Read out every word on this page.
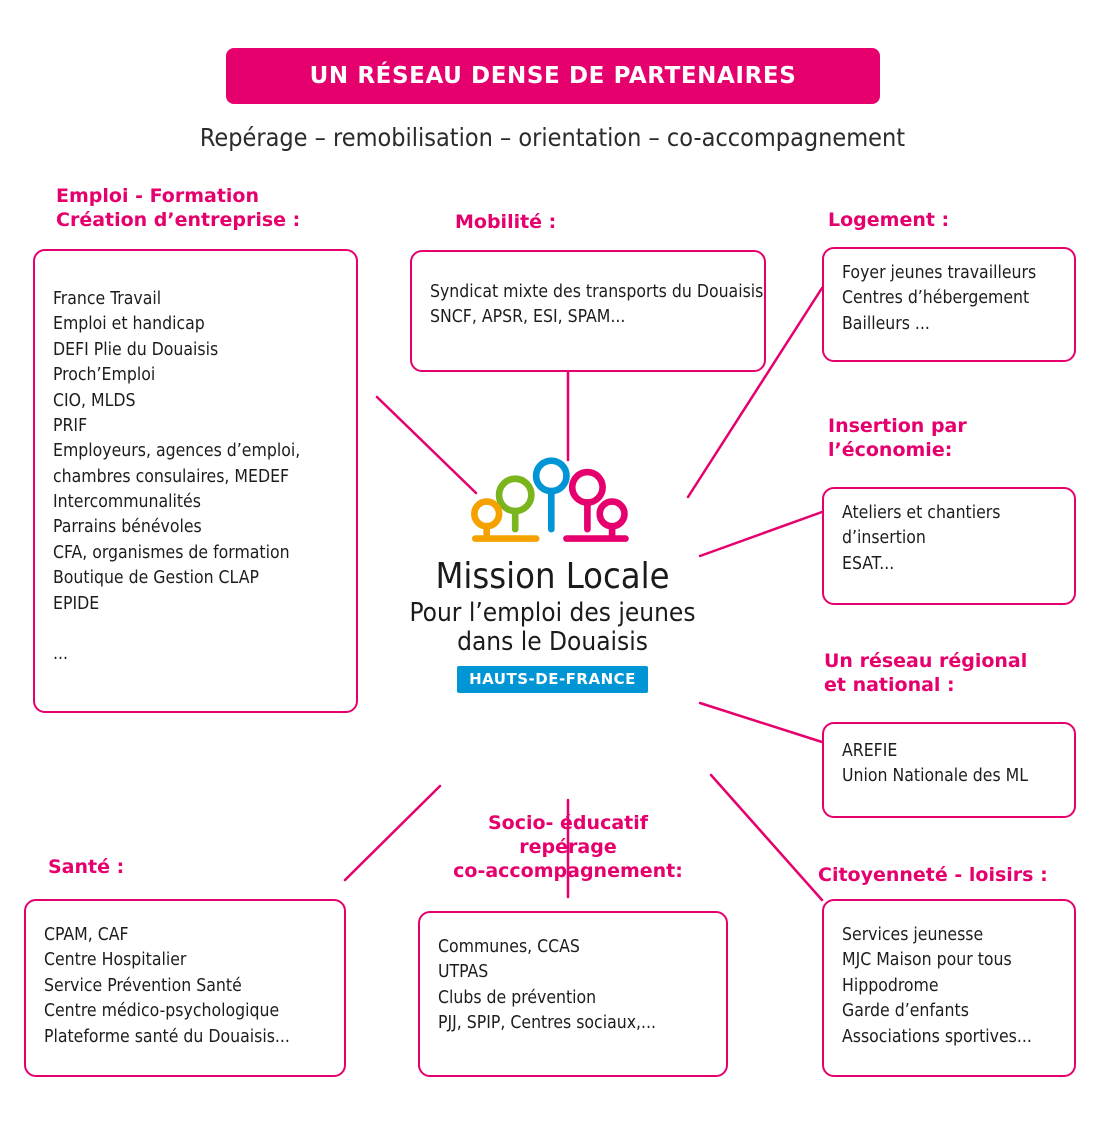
UN RÉSEAU DENSE DE PARTENAIRES
Repérage – remobilisation – orientation – co-accompagnement
Emploi - Formation
Création d’entreprise :
France Travail
Emploi et handicap
DEFI Plie du Douaisis
Proch’Emploi
CIO, MLDS
PRIF
Employeurs, agences d’emploi,
chambres consulaires, MEDEF
Intercommunalités
Parrains bénévoles
CFA, organismes de formation
Boutique de Gestion CLAP
EPIDE

...
Mobilité :
Syndicat mixte des transports du Douaisis
SNCF, APSR, ESI, SPAM...
Logement :
Foyer jeunes travailleurs
Centres d’hébergement
Bailleurs ...
Insertion par
l’économie:
Ateliers et chantiers
d’insertion
ESAT...
Un réseau régional
et national :
AREFIE
Union Nationale des ML
Citoyenneté - loisirs :
Services jeunesse
MJC Maison pour tous
Hippodrome
Garde d’enfants
Associations sportives...
Socio- éducatif
repérage
co-accompagnement:
Communes, CCAS
UTPAS
Clubs de prévention
PJJ, SPIP, Centres sociaux,...
Santé :
CPAM, CAF
Centre Hospitalier
Service Prévention Santé
Centre médico-psychologique
Plateforme santé du Douaisis...
Mission Locale
Pour l’emploi des jeunes
dans le Douaisis
HAUTS-DE-FRANCE
